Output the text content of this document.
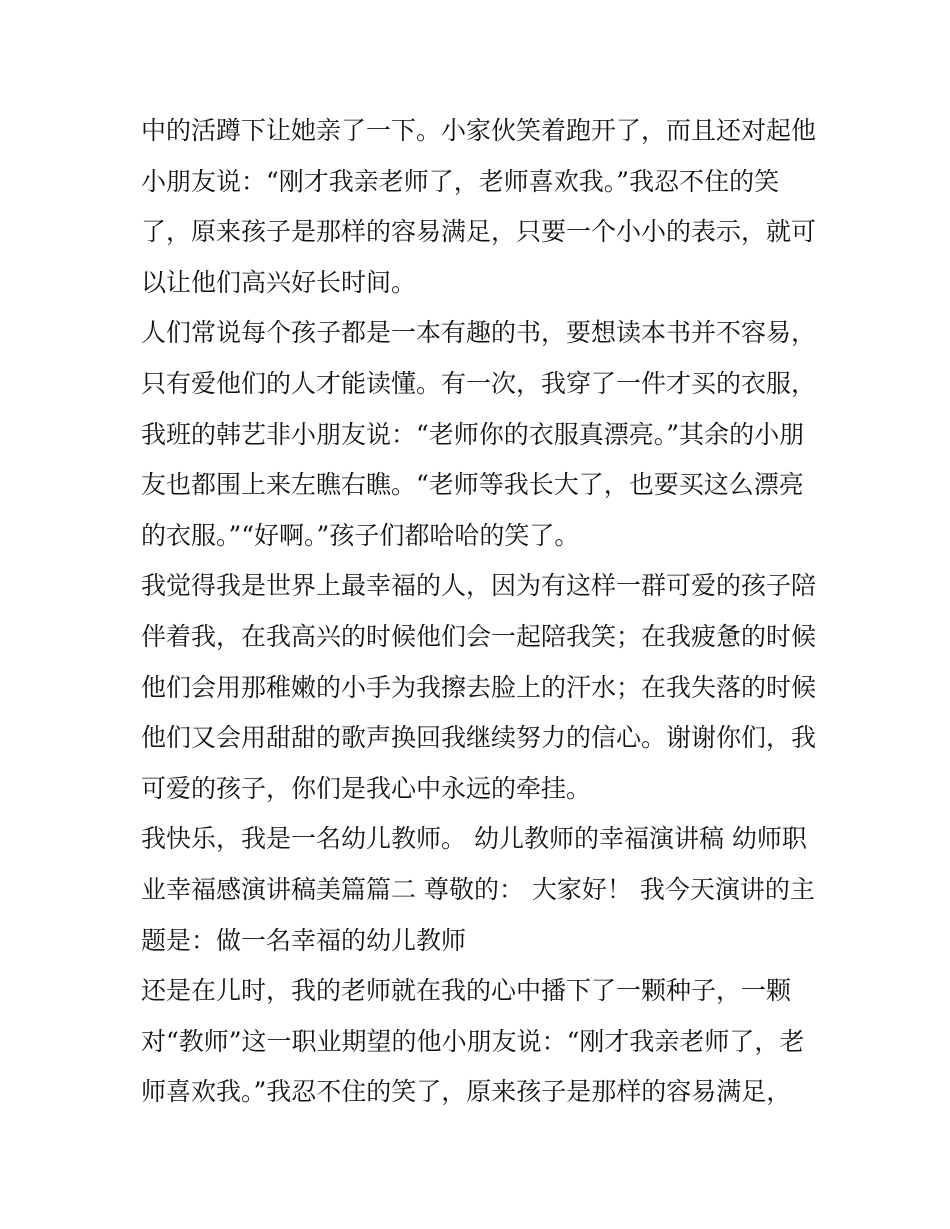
中的活蹲下让她亲了一下。小家伙笑着跑开了，而且还对起他
小朋友说：“刚才我亲老师了，老师喜欢我。”我忍不住的笑
了，原来孩子是那样的容易满足，只要一个小小的表示，就可
以让他们高兴好长时间。
人们常说每个孩子都是一本有趣的书，要想读本书并不容易，
只有爱他们的人才能读懂。有一次，我穿了一件才买的衣服，
我班的韩艺非小朋友说：“老师你的衣服真漂亮。”其余的小朋
友也都围上来左瞧右瞧。“老师等我长大了，也要买这么漂亮
的衣服。”“好啊。”孩子们都哈哈的笑了。
我觉得我是世界上最幸福的人，因为有这样一群可爱的孩子陪
伴着我，在我高兴的时候他们会一起陪我笑；在我疲惫的时候
他们会用那稚嫩的小手为我擦去脸上的汗水；在我失落的时候
他们又会用甜甜的歌声换回我继续努力的信心。谢谢你们，我
可爱的孩子，你们是我心中永远的牵挂。
我快乐，我是一名幼儿教师。 幼儿教师的幸福演讲稿 幼师职
业幸福感演讲稿美篇篇二 尊敬的： 大家好！ 我今天演讲的主
题是：做一名幸福的幼儿教师
还是在儿时，我的老师就在我的心中播下了一颗种子，一颗
对“教师”这一职业期望的他小朋友说：“刚才我亲老师了，老
师喜欢我。”我忍不住的笑了，原来孩子是那样的容易满足，
